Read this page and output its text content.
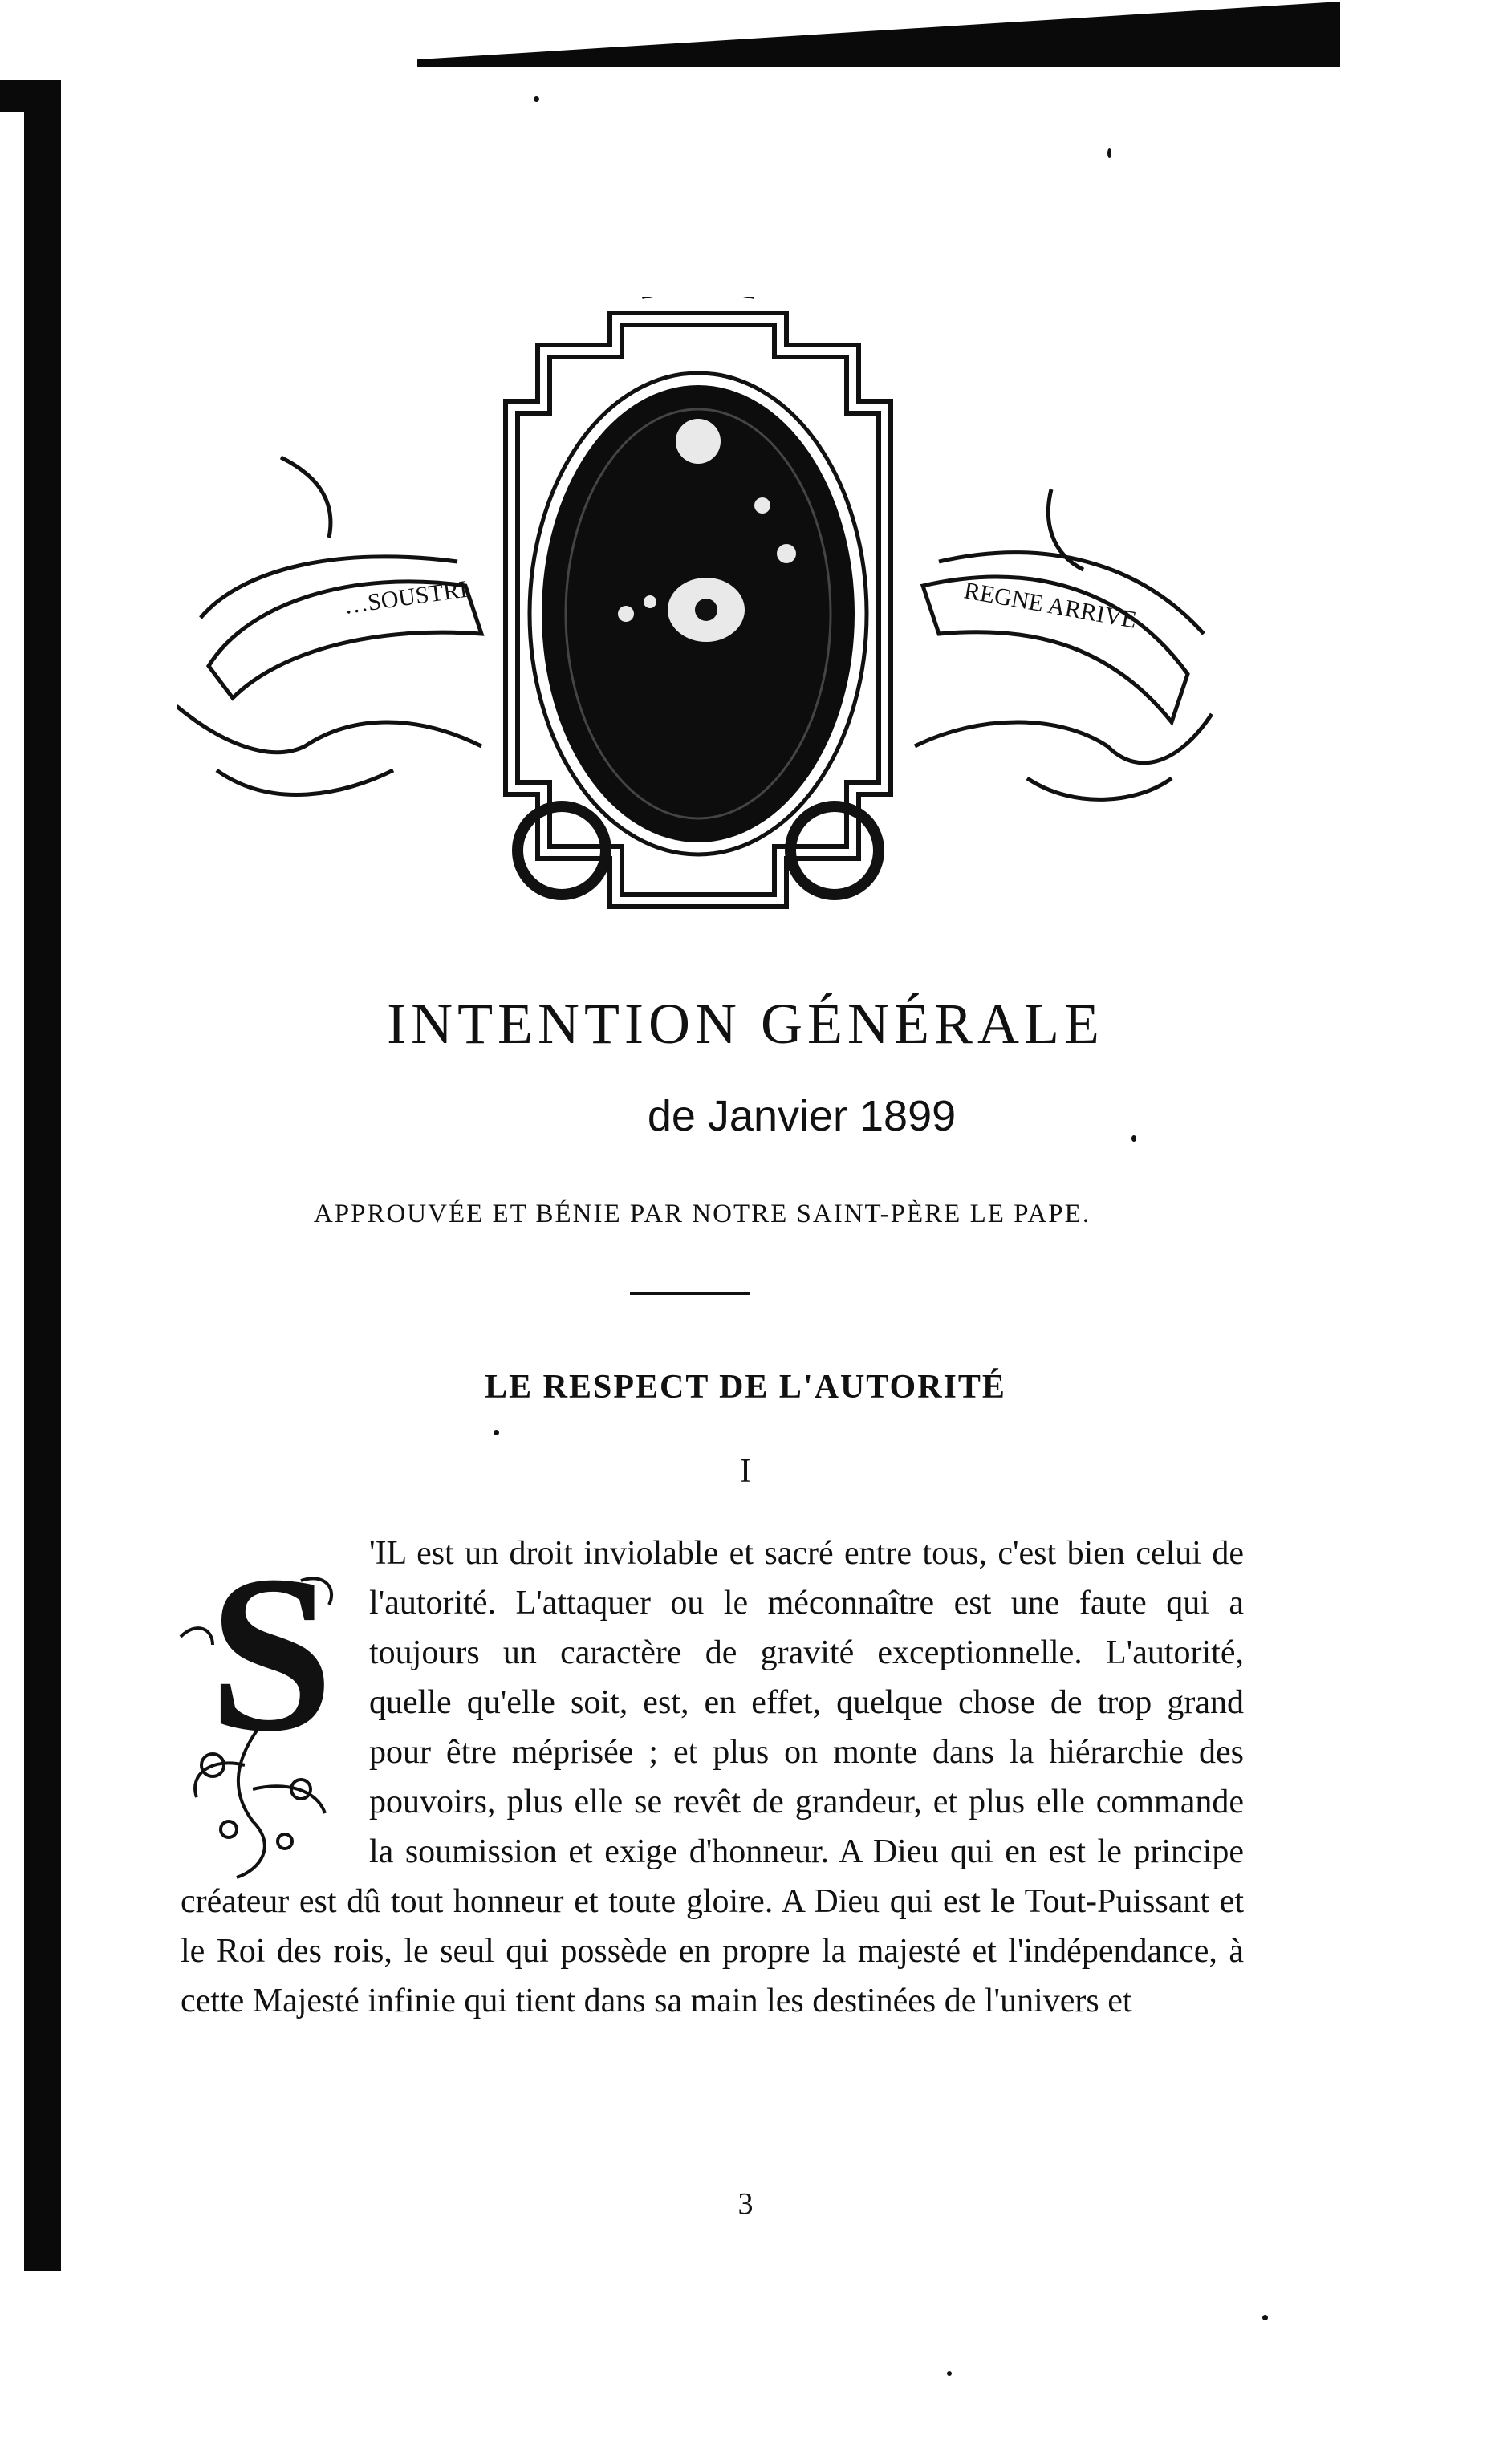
…SOUSTRI	REGNE ARRIVE
INTENTION GÉNÉRALE
de Janvier 1899
APPROUVÉE ET BÉNIE PAR NOTRE SAINT-PÈRE LE PAPE.
LE RESPECT DE L'AUTORITÉ
I
S	'IL est un droit inviolable et sacré entre tous, c'est bien celui de l'autorité. L'attaquer ou le méconnaître est une faute qui a toujours un caractère de gravité exceptionnelle. L'autorité, quelle qu'elle soit, est, en effet, quelque chose de trop grand pour être méprisée ; et plus on monte dans la hiérarchie des pouvoirs, plus elle se revêt de grandeur, et plus elle commande la soumission et exige d'honneur. A Dieu qui en est le principe créateur est dû tout honneur et toute gloire. A Dieu qui est le Tout-Puissant et le Roi des rois, le seul qui possède en propre la majesté et l'indépendance, à cette Majesté infinie qui tient dans sa main les destinées de l'univers et
3
